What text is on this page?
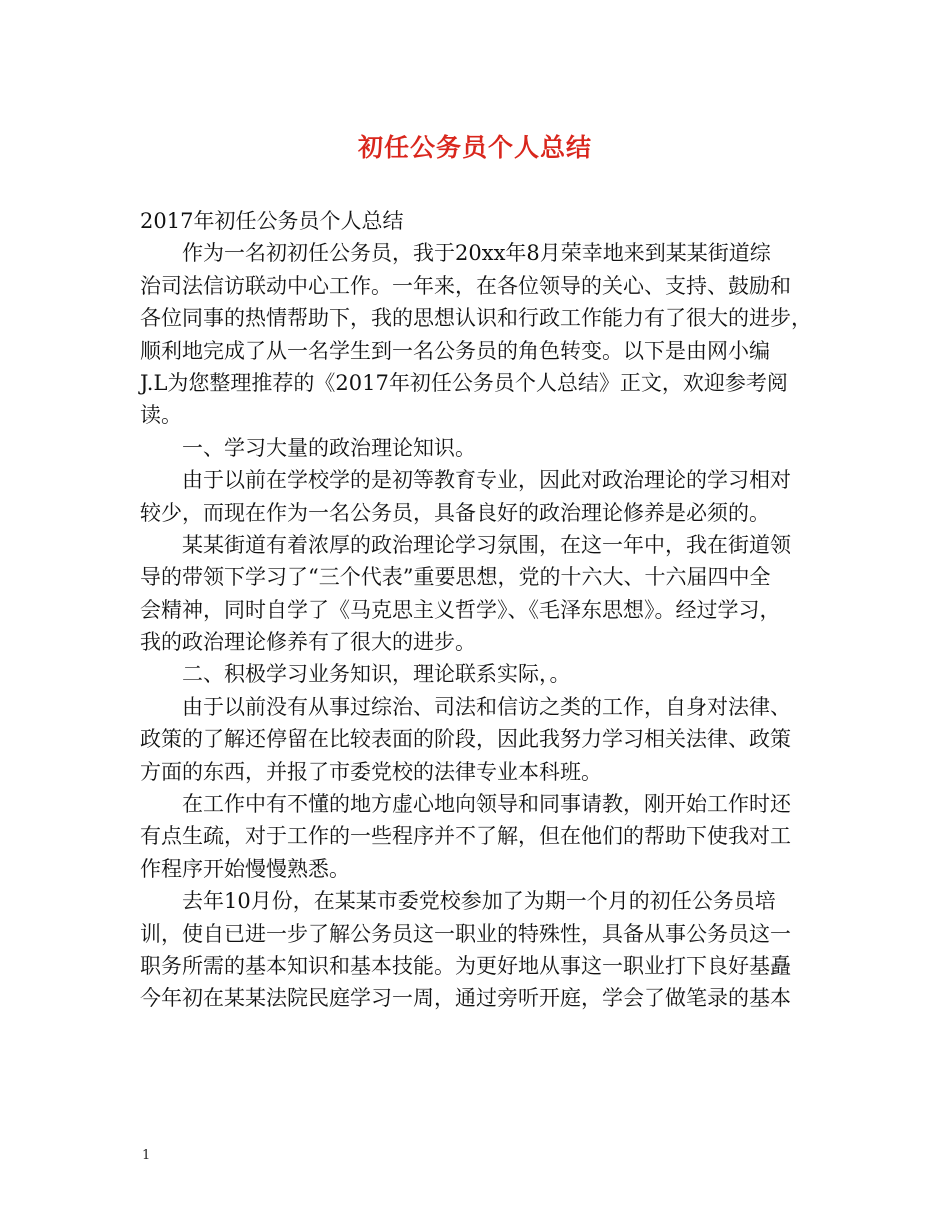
初任公务员个人总结
2017年初任公务员个人总结
作为一名初初任公务员，我于20xx年8月荣幸地来到某某街道综
治司法信访联动中心工作。一年来，在各位领导的关心、支持、鼓励和
各位同事的热情帮助下，我的思想认识和行政工作能力有了很大的进步，
顺利地完成了从一名学生到一名公务员的角色转变。以下是由网小编
J.L为您整理推荐的《2017年初任公务员个人总结》正文，欢迎参考阅
读。
一、学习大量的政治理论知识。
由于以前在学校学的是初等教育专业，因此对政治理论的学习相对
较少，而现在作为一名公务员，具备良好的政治理论修养是必须的。
某某街道有着浓厚的政治理论学习氛围，在这一年中，我在街道领
导的带领下学习了“三个代表”重要思想，党的十六大、十六届四中全
会精神，同时自学了《马克思主义哲学》、《毛泽东思想》。经过学习，
我的政治理论修养有了很大的进步。
二、积极学习业务知识，理论联系实际，。
由于以前没有从事过综治、司法和信访之类的工作，自身对法律、
政策的了解还停留在比较表面的阶段，因此我努力学习相关法律、政策
方面的东西，并报了市委党校的法律专业本科班。
在工作中有不懂的地方虚心地向领导和同事请教，刚开始工作时还
有点生疏，对于工作的一些程序并不了解，但在他们的帮助下使我对工
作程序开始慢慢熟悉。
去年10月份，在某某市委党校参加了为期一个月的初任公务员培
训，使自已进一步了解公务员这一职业的特殊性，具备从事公务员这一
职务所需的基本知识和基本技能。为更好地从事这一职业打下良好基矗
今年初在某某法院民庭学习一周，通过旁听开庭，学会了做笔录的基本
1
